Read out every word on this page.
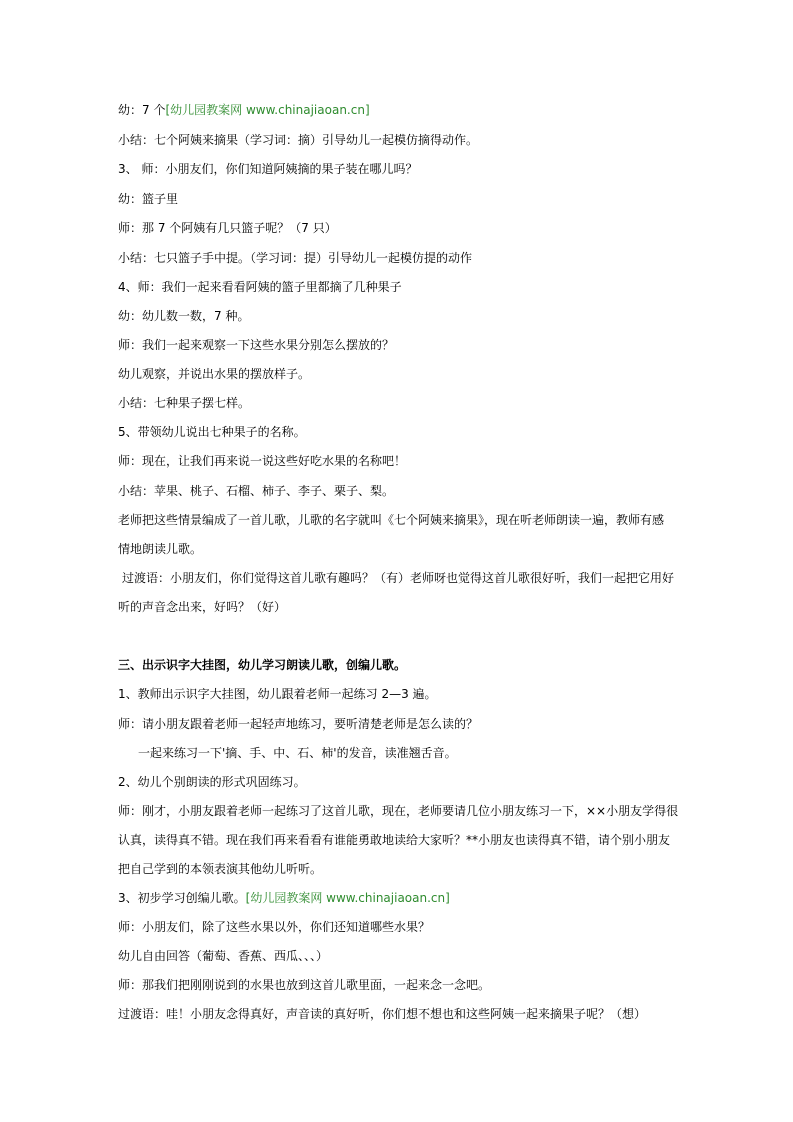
幼：7 个[幼儿园教案网 www.chinajiaoan.cn]
小结：七个阿姨来摘果（学习词：摘）引导幼儿一起模仿摘得动作。
3、 师：小朋友们，你们知道阿姨摘的果子装在哪儿吗？
幼：篮子里
师：那 7 个阿姨有几只篮子呢？（7 只）
小结：七只篮子手中提。（学习词：提）引导幼儿一起模仿提的动作
4、师：我们一起来看看阿姨的篮子里都摘了几种果子
幼：幼儿数一数，7 种。
师：我们一起来观察一下这些水果分别怎么摆放的？
幼儿观察，并说出水果的摆放样子。
小结：七种果子摆七样。
5、带领幼儿说出七种果子的名称。
师：现在，让我们再来说一说这些好吃水果的名称吧！
小结：苹果、桃子、石榴、柿子、李子、栗子、梨。
老师把这些情景编成了一首儿歌，儿歌的名字就叫《七个阿姨来摘果》，现在听老师朗读一遍，教师有感
情地朗读儿歌。
过渡语：小朋友们，你们觉得这首儿歌有趣吗？（有）老师呀也觉得这首儿歌很好听，我们一起把它用好
听的声音念出来，好吗？（好）
三、出示识字大挂图，幼儿学习朗读儿歌，创编儿歌。
1、教师出示识字大挂图，幼儿跟着老师一起练习 2—3 遍。
师：请小朋友跟着老师一起轻声地练习，要听清楚老师是怎么读的？
一起来练习一下'摘、手、中、石、柿'的发音，读准翘舌音。
2、幼儿个别朗读的形式巩固练习。
师：刚才，小朋友跟着老师一起练习了这首儿歌，现在，老师要请几位小朋友练习一下，××小朋友学得很
认真，读得真不错。现在我们再来看看有谁能勇敢地读给大家听？**小朋友也读得真不错，请个别小朋友
把自己学到的本领表演其他幼儿听听。
3、初步学习创编儿歌。[幼儿园教案网 www.chinajiaoan.cn]
师：小朋友们，除了这些水果以外，你们还知道哪些水果？
幼儿自由回答（葡萄、香蕉、西瓜、、、）
师：那我们把刚刚说到的水果也放到这首儿歌里面，一起来念一念吧。
过渡语：哇！小朋友念得真好，声音读的真好听，你们想不想也和这些阿姨一起来摘果子呢？（想）
